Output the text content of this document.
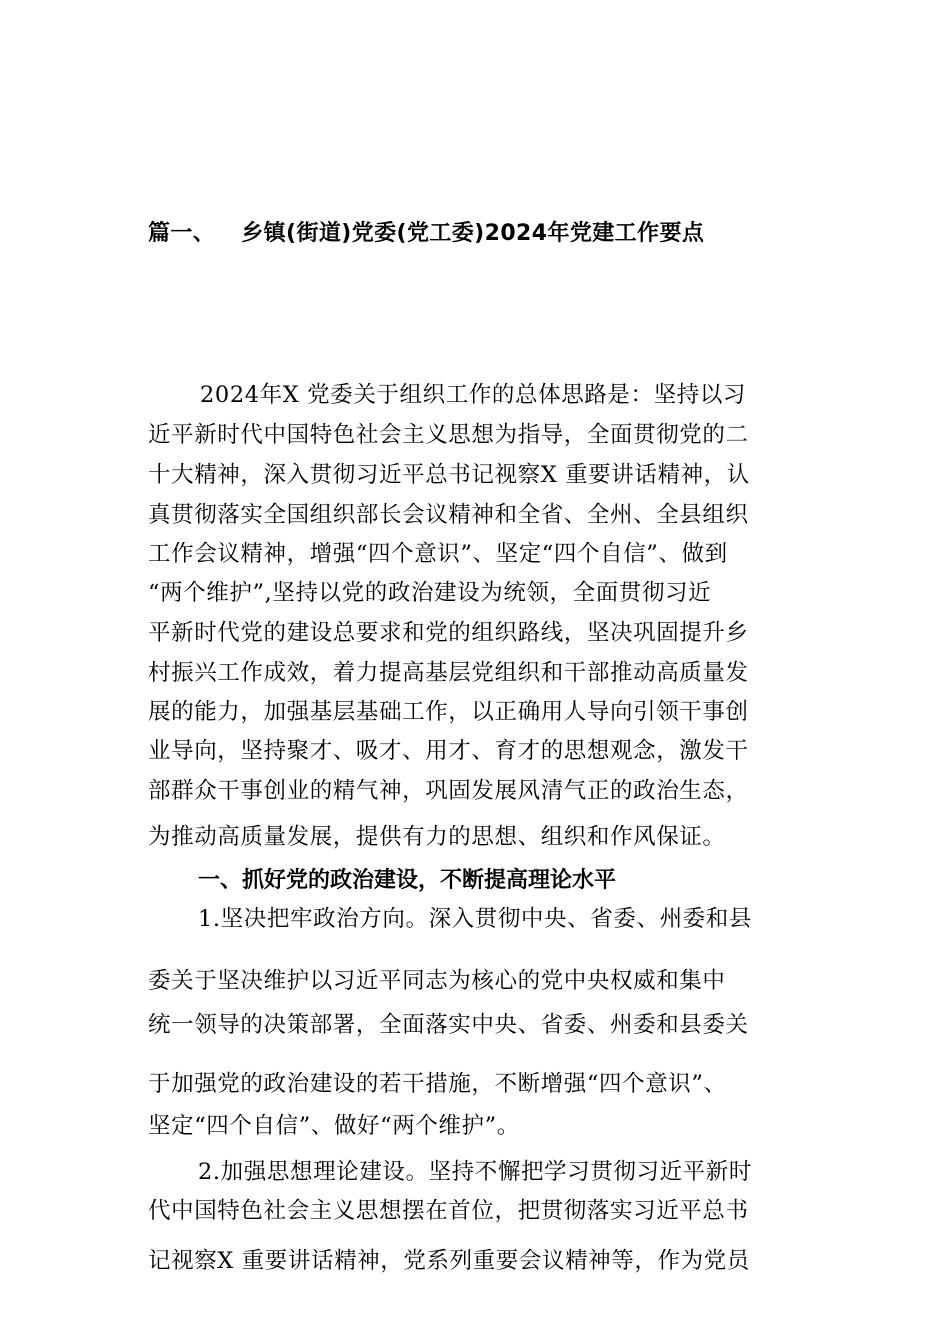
篇一、 乡镇(街道)党委(党工委)2024年党建工作要点
2024年X 党委关于组织工作的总体思路是：坚持以习
近平新时代中国特色社会主义思想为指导，全面贯彻党的二
十大精神，深入贯彻习近平总书记视察X 重要讲话精神，认
真贯彻落实全国组织部长会议精神和全省、全州、全县组织
工作会议精神，增强“四个意识”、坚定“四个自信”、做到
“两个维护”,坚持以党的政治建设为统领，全面贯彻习近
平新时代党的建设总要求和党的组织路线，坚决巩固提升乡
村振兴工作成效，着力提高基层党组织和干部推动高质量发
展的能力，加强基层基础工作，以正确用人导向引领干事创
业导向，坚持聚才、吸才、用才、育才的思想观念，激发干
部群众干事创业的精气神，巩固发展风清气正的政治生态，
为推动高质量发展，提供有力的思想、组织和作风保证。
一、抓好党的政治建设，不断提高理论水平
1.坚决把牢政治方向。深入贯彻中央、省委、州委和县
委关于坚决维护以习近平同志为核心的党中央权威和集中
统一领导的决策部署，全面落实中央、省委、州委和县委关
于加强党的政治建设的若干措施，不断增强“四个意识”、
坚定“四个自信”、做好“两个维护”。
2.加强思想理论建设。坚持不懈把学习贯彻习近平新时
代中国特色社会主义思想摆在首位，把贯彻落实习近平总书
记视察X 重要讲话精神，党系列重要会议精神等，作为党员
